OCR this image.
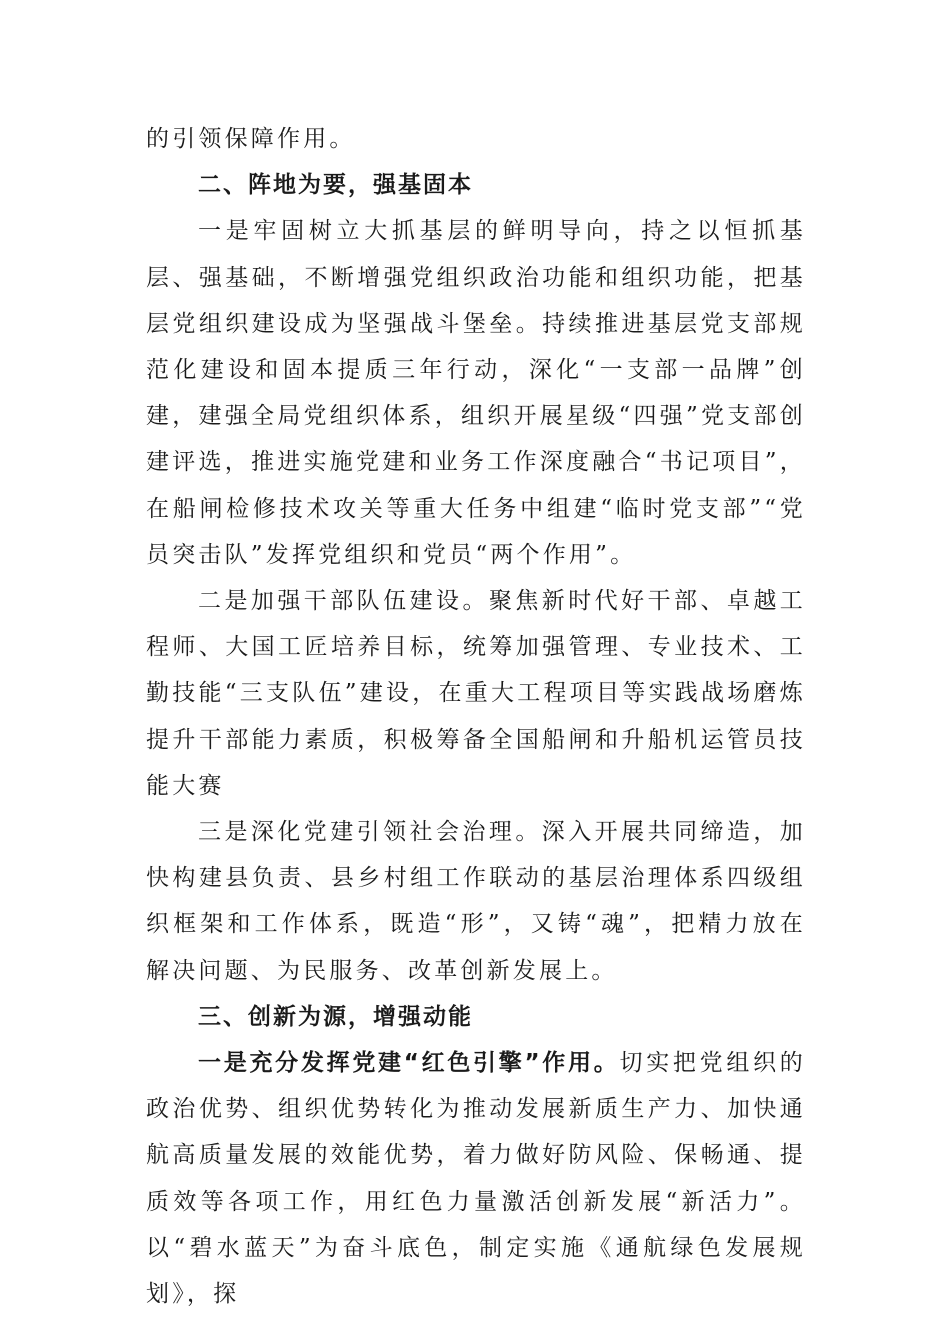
的引领保障作用。

二、阵地为要，强基固本

一是牢固树立大抓基层的鲜明导向，持之以恒抓基层、强基础，不断增强党组织政治功能和组织功能，把基层党组织建设成为坚强战斗堡垒。持续推进基层党支部规范化建设和固本提质三年行动，深化“一支部一品牌”创建，建强全局党组织体系，组织开展星级“四强”党支部创建评选，推进实施党建和业务工作深度融合“书记项目”，在船闸检修技术攻关等重大任务中组建“临时党支部”“党员突击队”发挥党组织和党员“两个作用”。

二是加强干部队伍建设。聚焦新时代好干部、卓越工程师、大国工匠培养目标，统筹加强管理、专业技术、工勤技能“三支队伍”建设，在重大工程项目等实践战场磨炼提升干部能力素质，积极筹备全国船闸和升船机运管员技能大赛

三是深化党建引领社会治理。深入开展共同缔造，加快构建县负责、县乡村组工作联动的基层治理体系四级组织框架和工作体系，既造“形”，又铸“魂”，把精力放在解决问题、为民服务、改革创新发展上。

三、创新为源，增强动能

一是充分发挥党建“红色引擎”作用。切实把党组织的政治优势、组织优势转化为推动发展新质生产力、加快通航高质量发展的效能优势，着力做好防风险、保畅通、提质效等各项工作，用红色力量激活创新发展“新活力”。以“碧水蓝天”为奋斗底色，制定实施《通航绿色发展规划》，探
